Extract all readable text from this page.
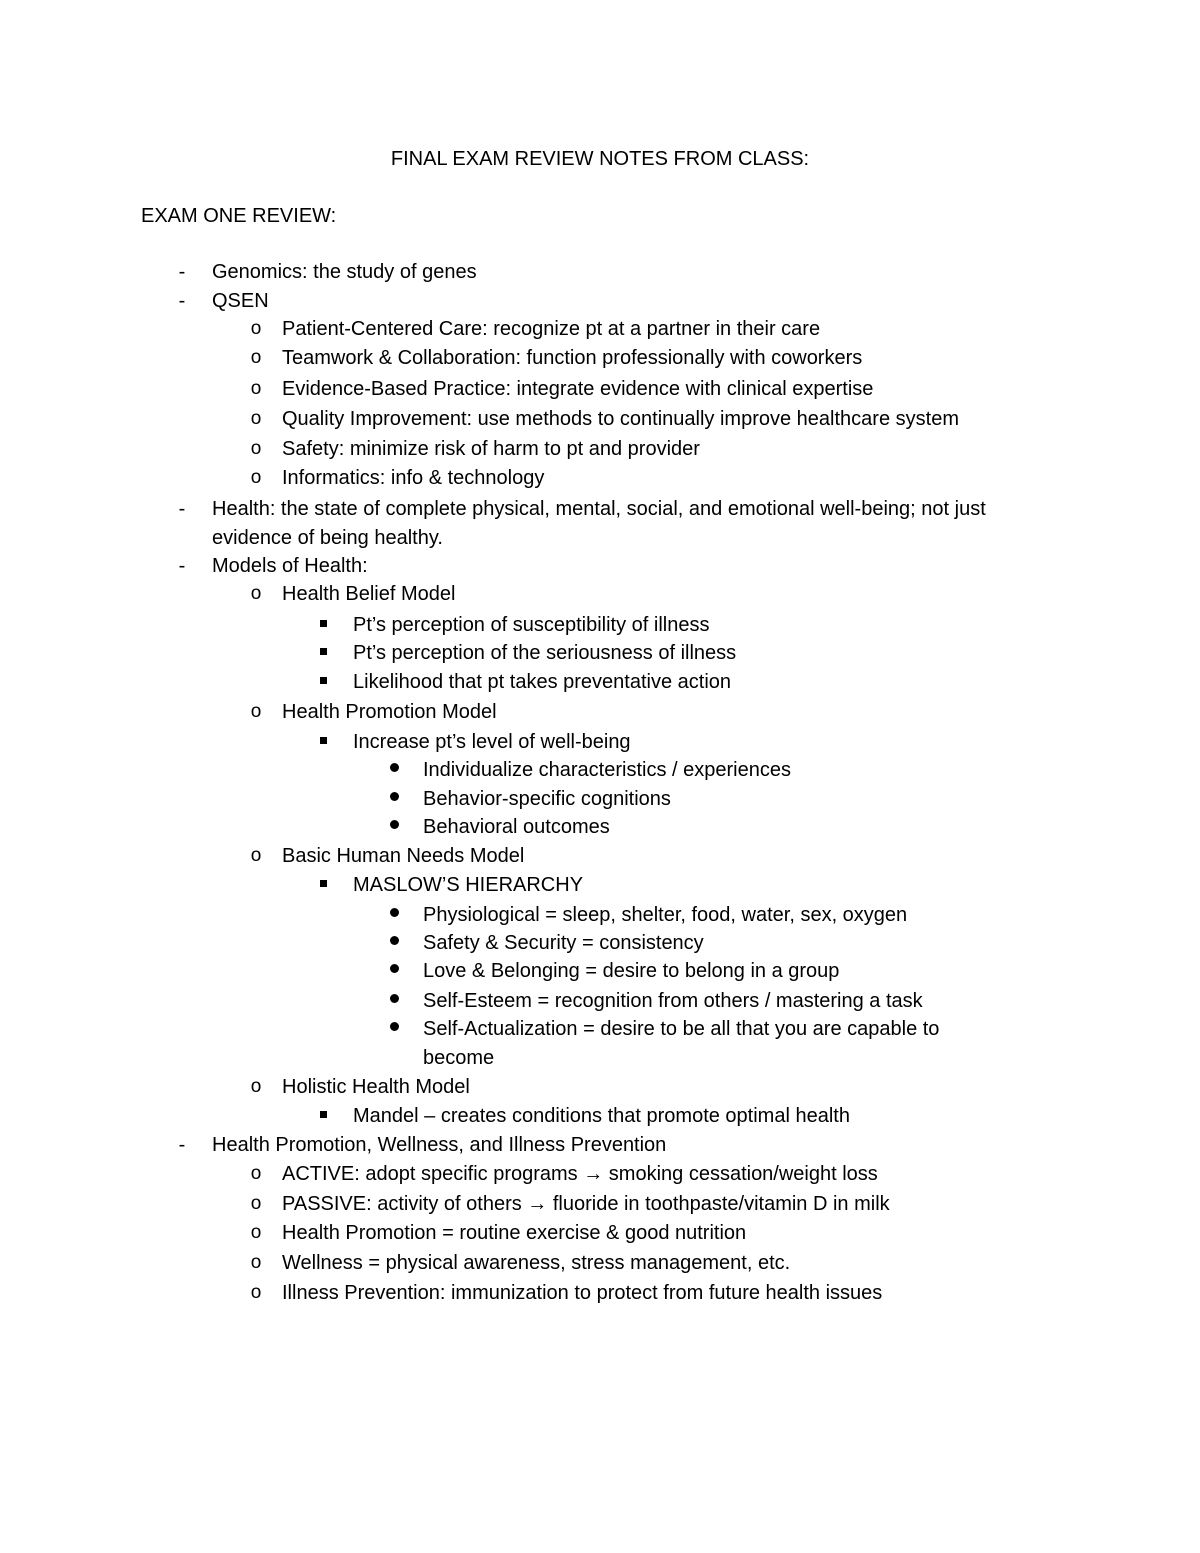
FINAL EXAM REVIEW NOTES FROM CLASS:
EXAM ONE REVIEW:
-	Genomics: the study of genes
-	QSEN
o Patient-Centered Care: recognize pt at a partner in their care
o Teamwork & Collaboration: function professionally with coworkers
o Evidence-Based Practice: integrate evidence with clinical expertise
o Quality Improvement: use methods to continually improve healthcare system
o Safety: minimize risk of harm to pt and provider
o Informatics: info & technology
-	Health: the state of complete physical, mental, social, and emotional well-being; not just
evidence of being healthy.
-	Models of Health:
o Health Belief Model
Pt’s perception of susceptibility of illness
Pt’s perception of the seriousness of illness
Likelihood that pt takes preventative action
o Health Promotion Model
Increase pt’s level of well-being
Individualize characteristics / experiences
Behavior-specific cognitions
Behavioral outcomes
o Basic Human Needs Model
MASLOW’S HIERARCHY
Physiological = sleep, shelter, food, water, sex, oxygen
Safety & Security = consistency
Love & Belonging = desire to belong in a group
Self-Esteem = recognition from others / mastering a task
Self-Actualization = desire to be all that you are capable to
become
o Holistic Health Model
Mandel – creates conditions that promote optimal health
-	Health Promotion, Wellness, and Illness Prevention
o ACTIVE: adopt specific programs → smoking cessation/weight loss
o PASSIVE: activity of others → fluoride in toothpaste/vitamin D in milk
o Health Promotion = routine exercise & good nutrition
o Wellness = physical awareness, stress management, etc.
o Illness Prevention: immunization to protect from future health issues
